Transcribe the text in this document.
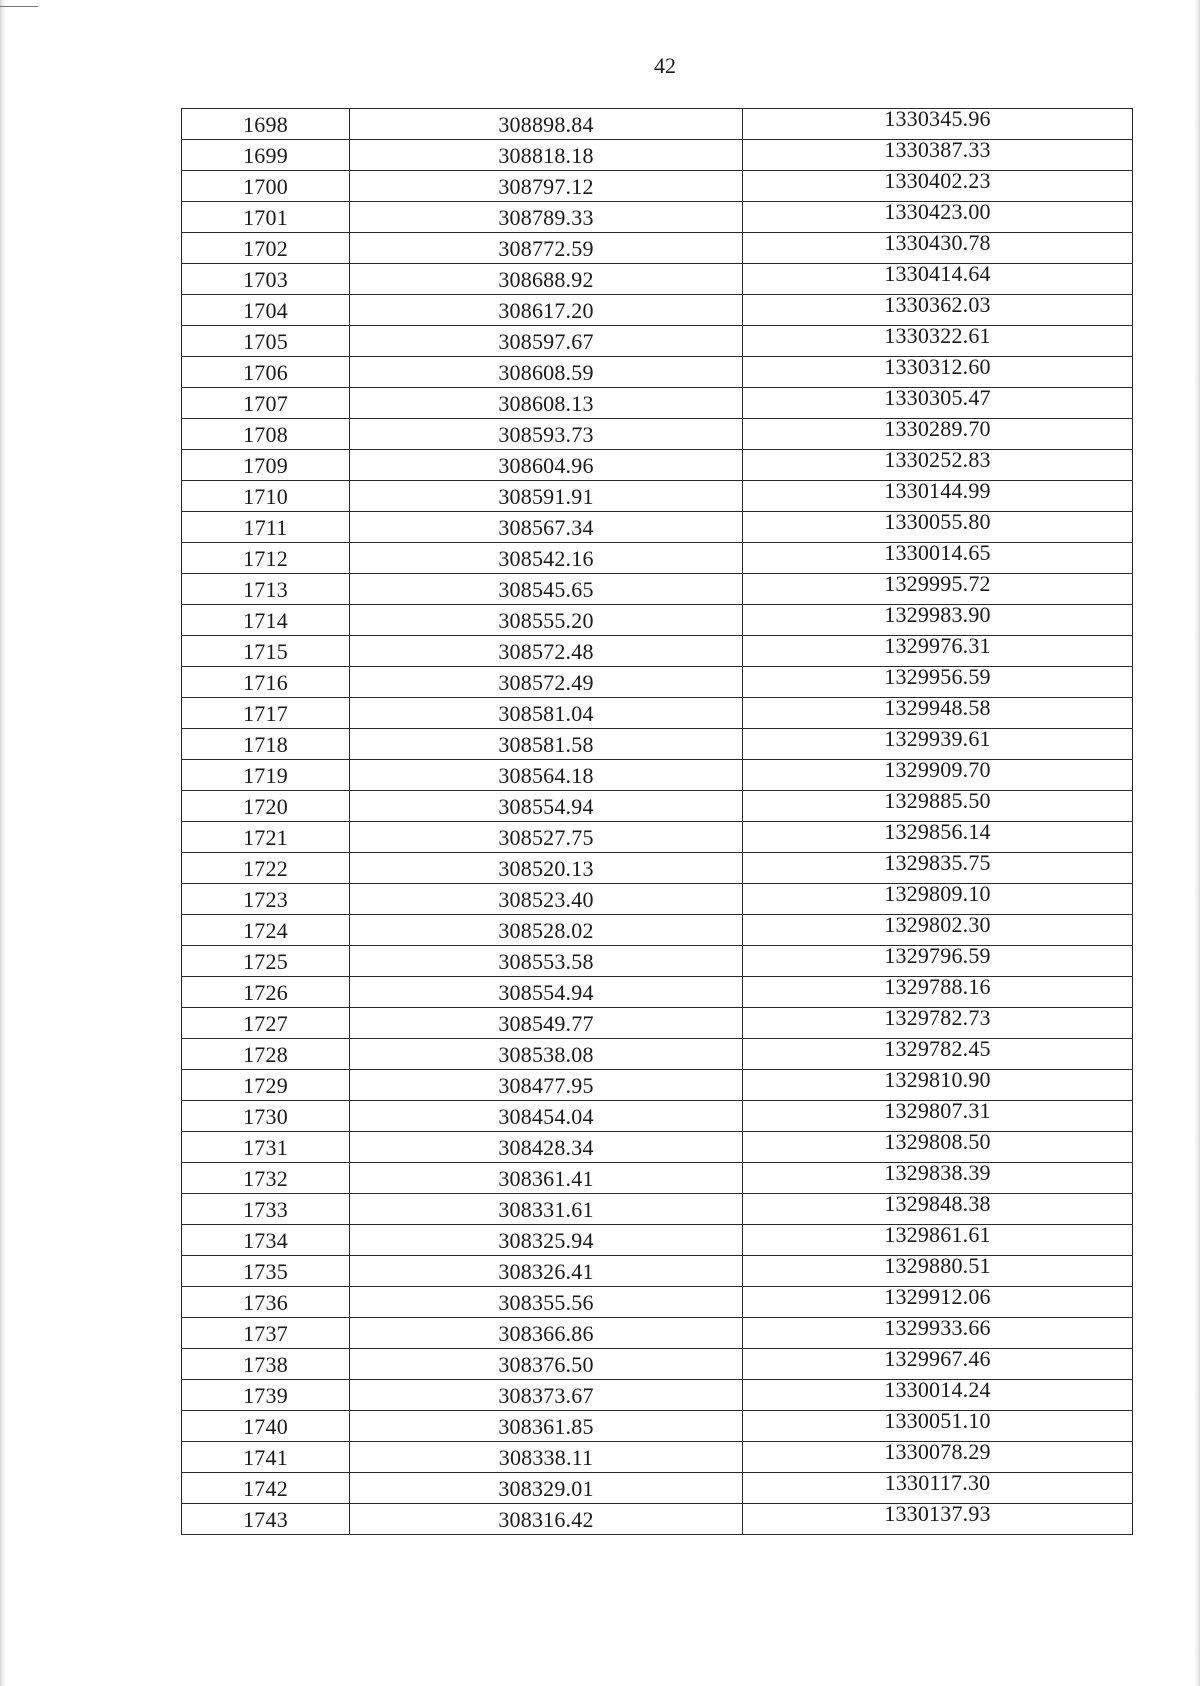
42
1698	308898.84	1330345.96
1699	308818.18	1330387.33
1700	308797.12	1330402.23
1701	308789.33	1330423.00
1702	308772.59	1330430.78
1703	308688.92	1330414.64
1704	308617.20	1330362.03
1705	308597.67	1330322.61
1706	308608.59	1330312.60
1707	308608.13	1330305.47
1708	308593.73	1330289.70
1709	308604.96	1330252.83
1710	308591.91	1330144.99
1711	308567.34	1330055.80
1712	308542.16	1330014.65
1713	308545.65	1329995.72
1714	308555.20	1329983.90
1715	308572.48	1329976.31
1716	308572.49	1329956.59
1717	308581.04	1329948.58
1718	308581.58	1329939.61
1719	308564.18	1329909.70
1720	308554.94	1329885.50
1721	308527.75	1329856.14
1722	308520.13	1329835.75
1723	308523.40	1329809.10
1724	308528.02	1329802.30
1725	308553.58	1329796.59
1726	308554.94	1329788.16
1727	308549.77	1329782.73
1728	308538.08	1329782.45
1729	308477.95	1329810.90
1730	308454.04	1329807.31
1731	308428.34	1329808.50
1732	308361.41	1329838.39
1733	308331.61	1329848.38
1734	308325.94	1329861.61
1735	308326.41	1329880.51
1736	308355.56	1329912.06
1737	308366.86	1329933.66
1738	308376.50	1329967.46
1739	308373.67	1330014.24
1740	308361.85	1330051.10
1741	308338.11	1330078.29
1742	308329.01	1330117.30
1743	308316.42	1330137.93
